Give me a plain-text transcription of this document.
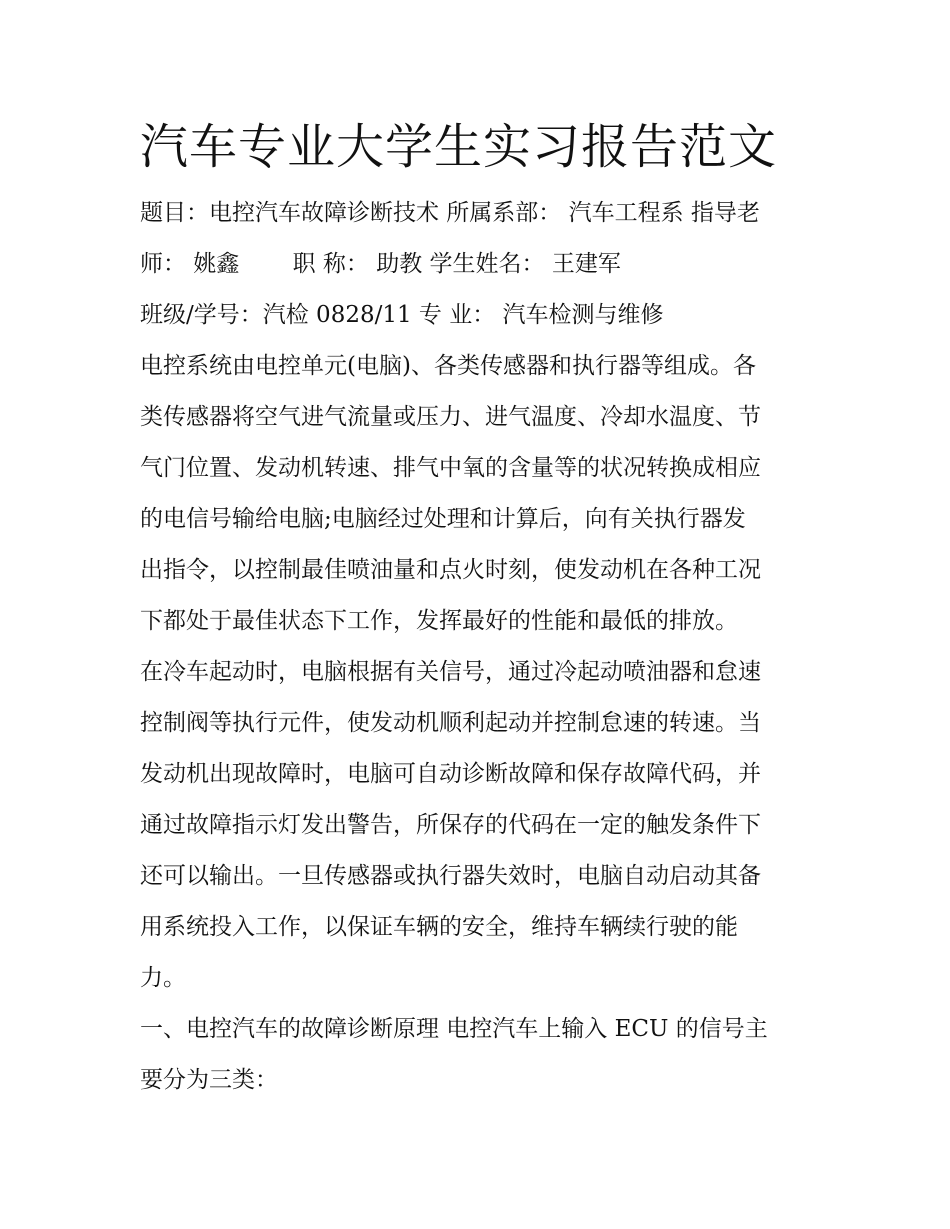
汽车专业大学生实习报告范文
题目：电控汽车故障诊断技术 所属系部： 汽车工程系 指导老
师： 姚鑫　　 职 称： 助教 学生姓名： 王建军
班级/学号：汽检 0828/11 专 业： 汽车检测与维修
电控系统由电控单元(电脑)、各类传感器和执行器等组成。各
类传感器将空气进气流量或压力、进气温度、冷却水温度、节
气门位置、发动机转速、排气中氧的含量等的状况转换成相应
的电信号输给电脑;电脑经过处理和计算后，向有关执行器发
出指令，以控制最佳喷油量和点火时刻，使发动机在各种工况
下都处于最佳状态下工作，发挥最好的性能和最低的排放。
在冷车起动时，电脑根据有关信号，通过冷起动喷油器和怠速
控制阀等执行元件，使发动机顺利起动并控制怠速的转速。当
发动机出现故障时，电脑可自动诊断故障和保存故障代码，并
通过故障指示灯发出警告，所保存的代码在一定的触发条件下
还可以输出。一旦传感器或执行器失效时，电脑自动启动其备
用系统投入工作，以保证车辆的安全，维持车辆续行驶的能
力。
一、电控汽车的故障诊断原理 电控汽车上输入 ECU 的信号主
要分为三类：
